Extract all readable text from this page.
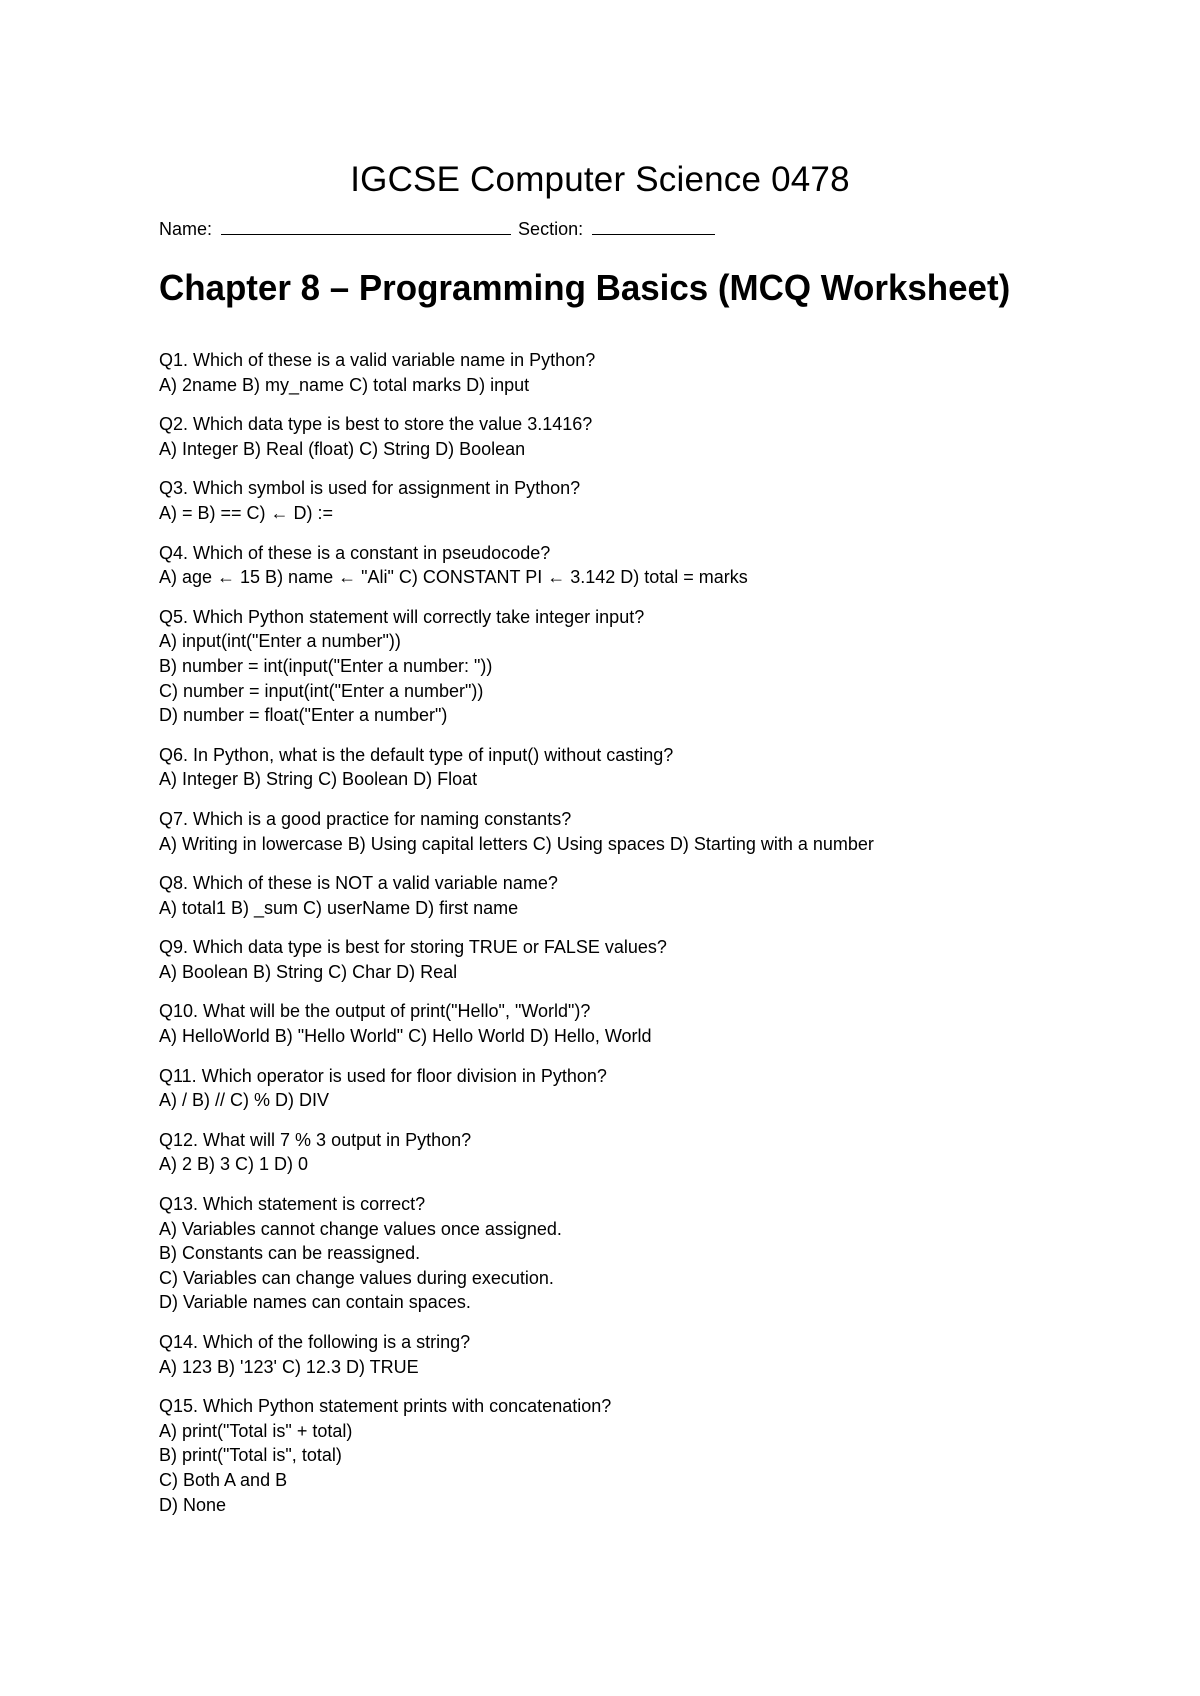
IGCSE Computer Science 0478
Name:	Section:
Chapter 8 – Programming Basics (MCQ Worksheet)
Q1. Which of these is a valid variable name in Python?
A) 2name B) my_name C) total marks D) input
Q2. Which data type is best to store the value 3.1416?
A) Integer B) Real (float) C) String D) Boolean
Q3. Which symbol is used for assignment in Python?
A) = B) == C) ← D) :=
Q4. Which of these is a constant in pseudocode?
A) age ← 15 B) name ← "Ali" C) CONSTANT PI ← 3.142 D) total = marks
Q5. Which Python statement will correctly take integer input?
A) input(int("Enter a number"))
B) number = int(input("Enter a number: "))
C) number = input(int("Enter a number"))
D) number = float("Enter a number")
Q6. In Python, what is the default type of input() without casting?
A) Integer B) String C) Boolean D) Float
Q7. Which is a good practice for naming constants?
A) Writing in lowercase B) Using capital letters C) Using spaces D) Starting with a number
Q8. Which of these is NOT a valid variable name?
A) total1 B) _sum C) userName D) first name
Q9. Which data type is best for storing TRUE or FALSE values?
A) Boolean B) String C) Char D) Real
Q10. What will be the output of print("Hello", "World")?
A) HelloWorld B) "Hello World" C) Hello World D) Hello, World
Q11. Which operator is used for floor division in Python?
A) / B) // C) % D) DIV
Q12. What will 7 % 3 output in Python?
A) 2 B) 3 C) 1 D) 0
Q13. Which statement is correct?
A) Variables cannot change values once assigned.
B) Constants can be reassigned.
C) Variables can change values during execution.
D) Variable names can contain spaces.
Q14. Which of the following is a string?
A) 123 B) '123' C) 12.3 D) TRUE
Q15. Which Python statement prints with concatenation?
A) print("Total is" + total)
B) print("Total is", total)
C) Both A and B
D) None
